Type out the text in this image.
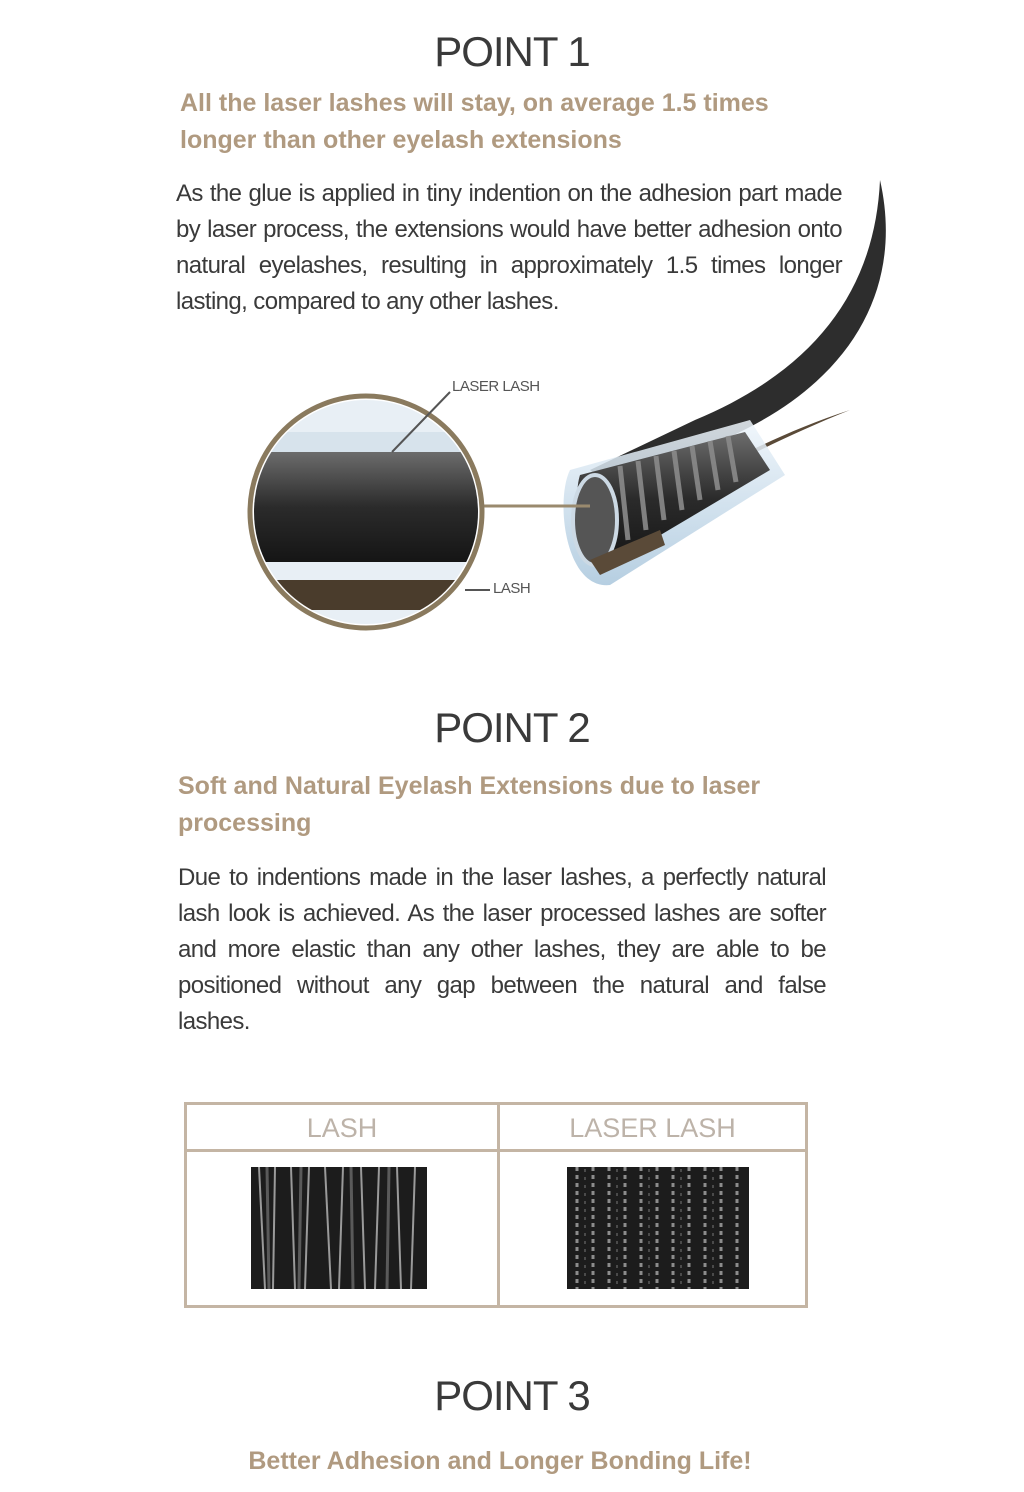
POINT 1
All the laser lashes will stay, on average 1.5 times
longer than other eyelash extensions
As the glue is applied in tiny indention on the adhesion part made by laser process, the extensions would have better adhesion onto natural eyelashes, resulting in approximately 1.5 times longer lasting, compared to any other lashes.
LASER LASH
LASH
POINT 2
Soft and Natural Eyelash Extensions due to laser
processing
Due to indentions made in the laser lashes, a perfectly natural lash look is achieved. As the laser processed lashes are softer and more elastic than any other lashes, they are able to be positioned without any gap between the natural and false lashes.
LASH	LASER LASH
POINT 3
Better Adhesion and Longer Bonding Life!
